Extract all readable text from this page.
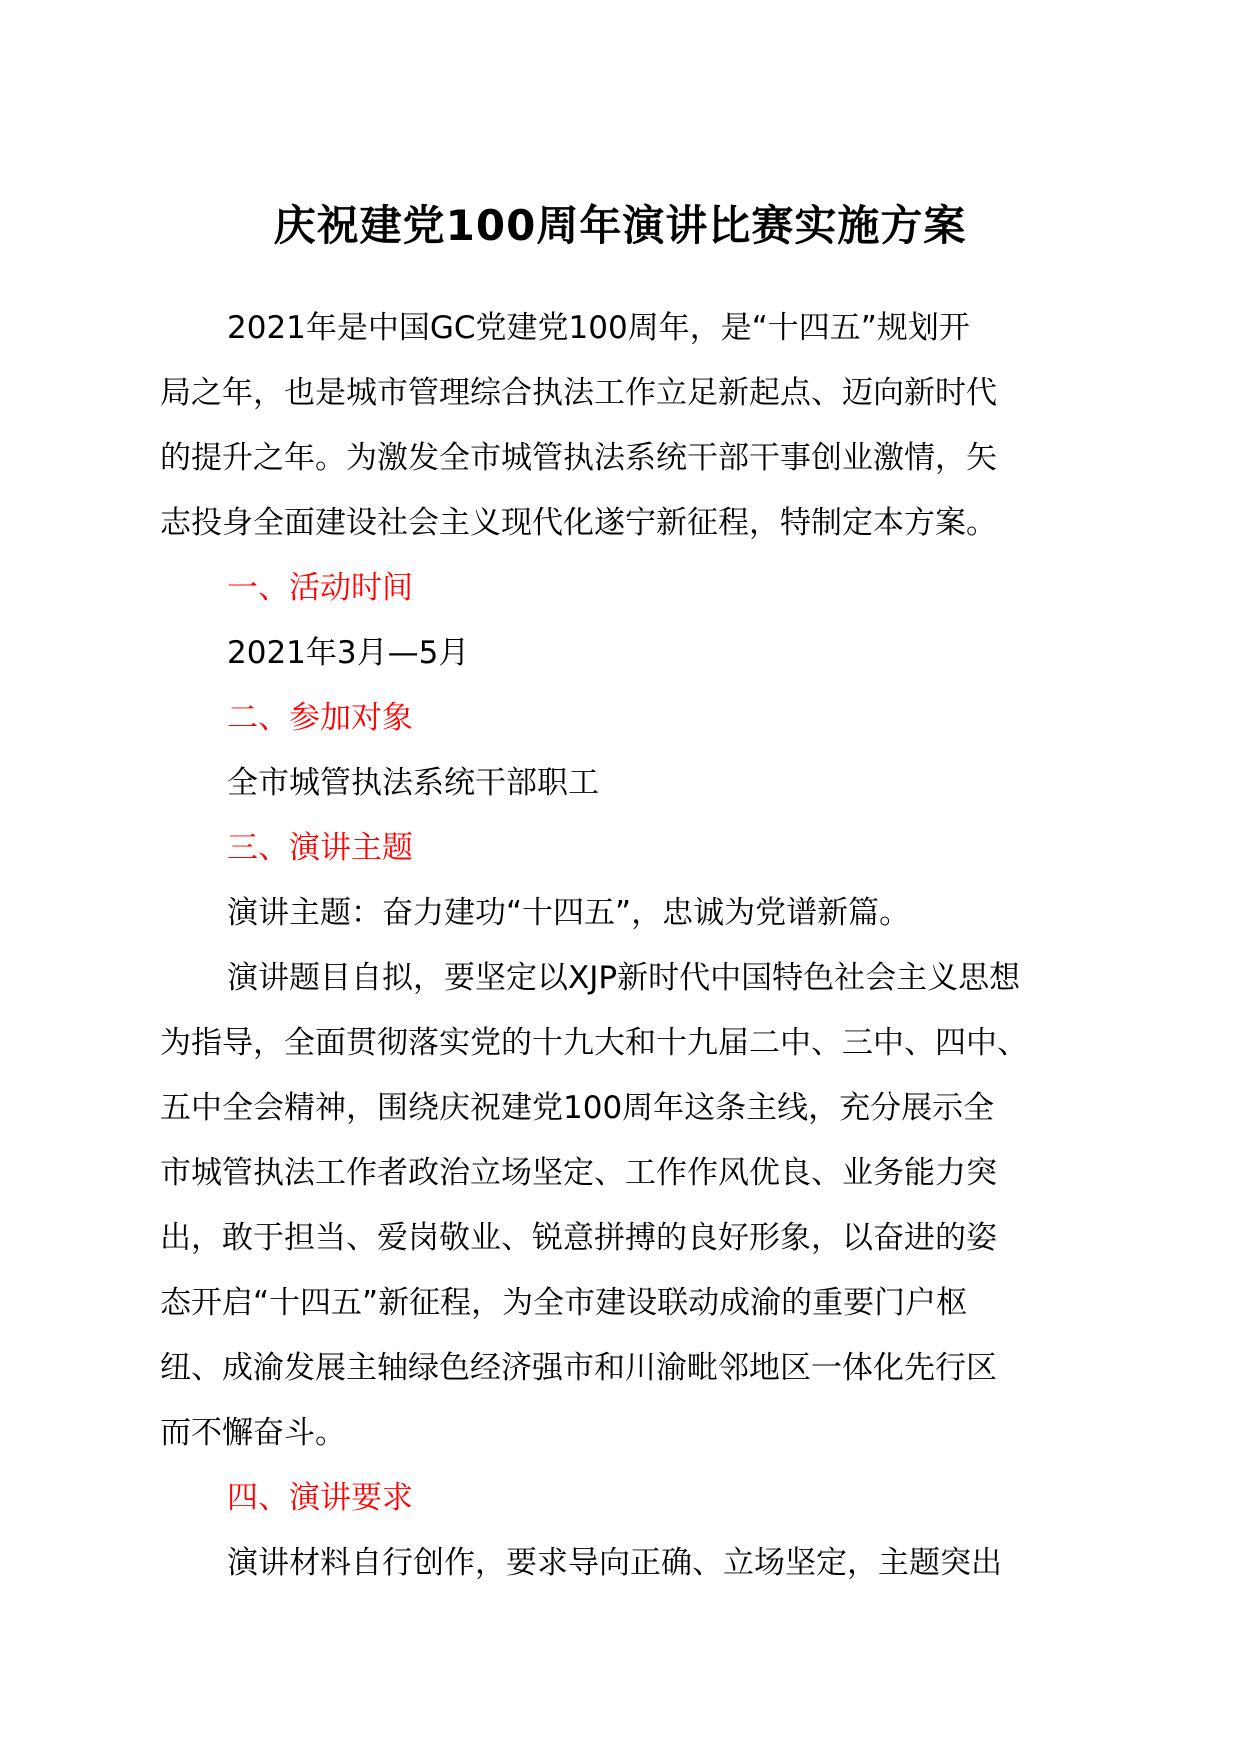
庆祝建党100周年演讲比赛实施方案

2021年是中国GC党建党100周年，是“十四五”规划开
局之年，也是城市管理综合执法工作立足新起点、迈向新时代
的提升之年。为激发全市城管执法系统干部干事创业激情，矢
志投身全面建设社会主义现代化遂宁新征程，特制定本方案。

一、活动时间

2021年3月—5月

二、参加对象

全市城管执法系统干部职工

三、演讲主题

演讲主题：奋力建功“十四五”，忠诚为党谱新篇。

演讲题目自拟，要坚定以XJP新时代中国特色社会主义思想
为指导，全面贯彻落实党的十九大和十九届二中、三中、四中、
五中全会精神，围绕庆祝建党100周年这条主线，充分展示全
市城管执法工作者政治立场坚定、工作作风优良、业务能力突
出，敢于担当、爱岗敬业、锐意拼搏的良好形象，以奋进的姿
态开启“十四五”新征程，为全市建设联动成渝的重要门户枢
纽、成渝发展主轴绿色经济强市和川渝毗邻地区一体化先行区
而不懈奋斗。

四、演讲要求

演讲材料自行创作，要求导向正确、立场坚定，主题突出
